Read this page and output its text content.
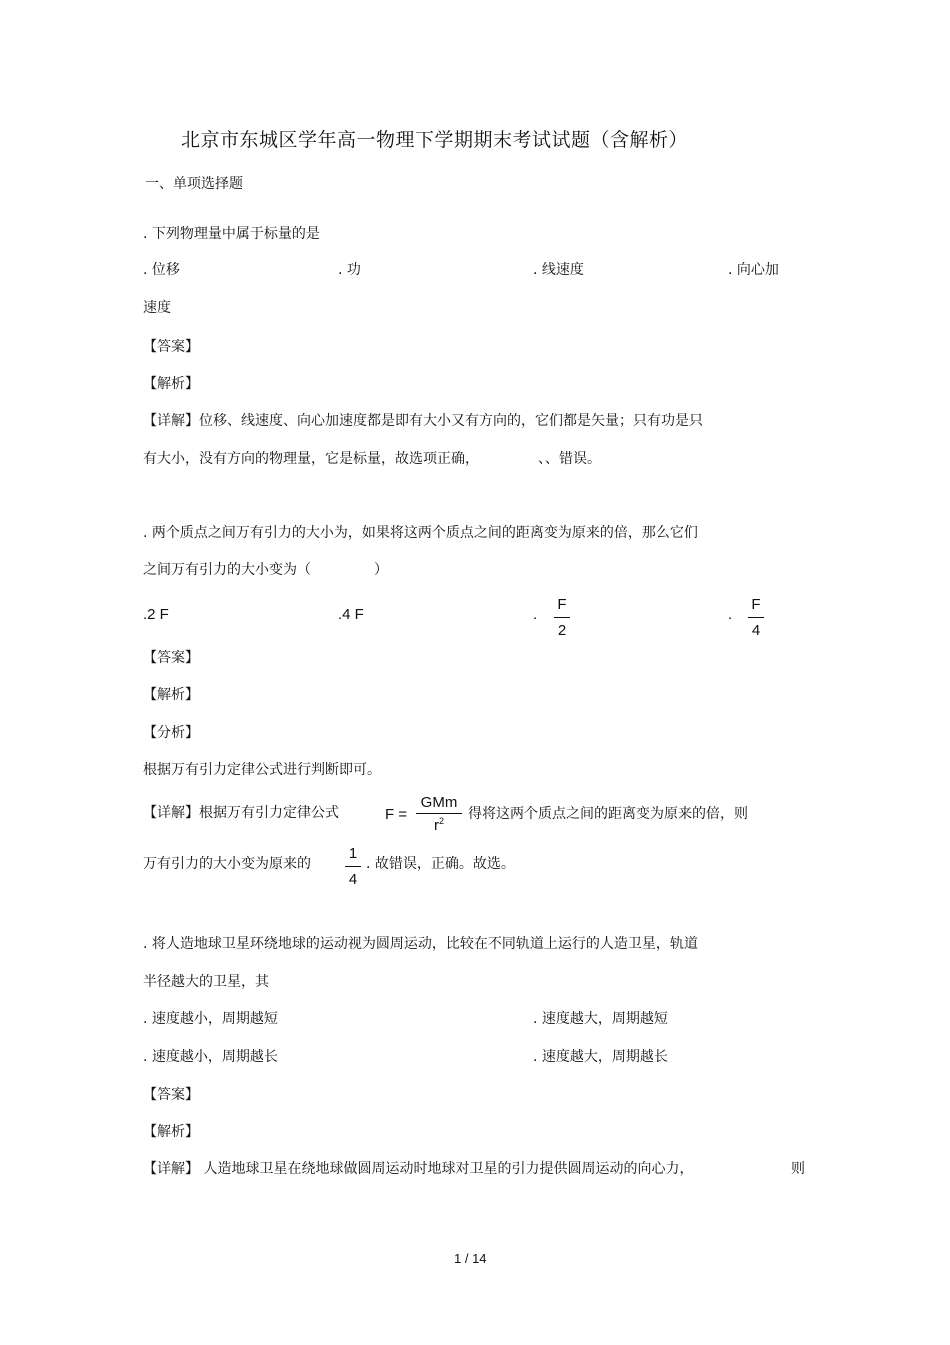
北京市东城区学年高一物理下学期期末考试试题（含解析）
一、单项选择题
. 下列物理量中属于标量的是
. 位移	. 功	. 线速度	. 向心加
速度
【答案】
【解析】
【详解】位移、线速度、向心加速度都是即有大小又有方向的，它们都是矢量；只有功是只
有大小，没有方向的物理量，它是标量，故选项正确，	、、错误。
. 两个质点之间万有引力的大小为，如果将这两个质点之间的距离变为原来的倍，那么它们
之间万有引力的大小变为（	）
.2 F	.4 F	.
F
2
.
F
4
【答案】
【解析】
【分析】
根据万有引力定律公式进行判断即可。
【详解】根据万有引力定律公式	F =
GMm
$r^2$	得将这两个质点之间的距离变为原来的倍，则
万有引力的大小变为原来的
1
4
. 故错误，正确。故选。
. 将人造地球卫星环绕地球的运动视为圆周运动，比较在不同轨道上运行的人造卫星，轨道
半径越大的卫星，其
. 速度越小，周期越短	. 速度越大，周期越短
. 速度越小，周期越长	. 速度越大，周期越长
【答案】
【解析】
【详解】 人造地球卫星在绕地球做圆周运动时地球对卫星的引力提供圆周运动的向心力，	则
1 / 14
